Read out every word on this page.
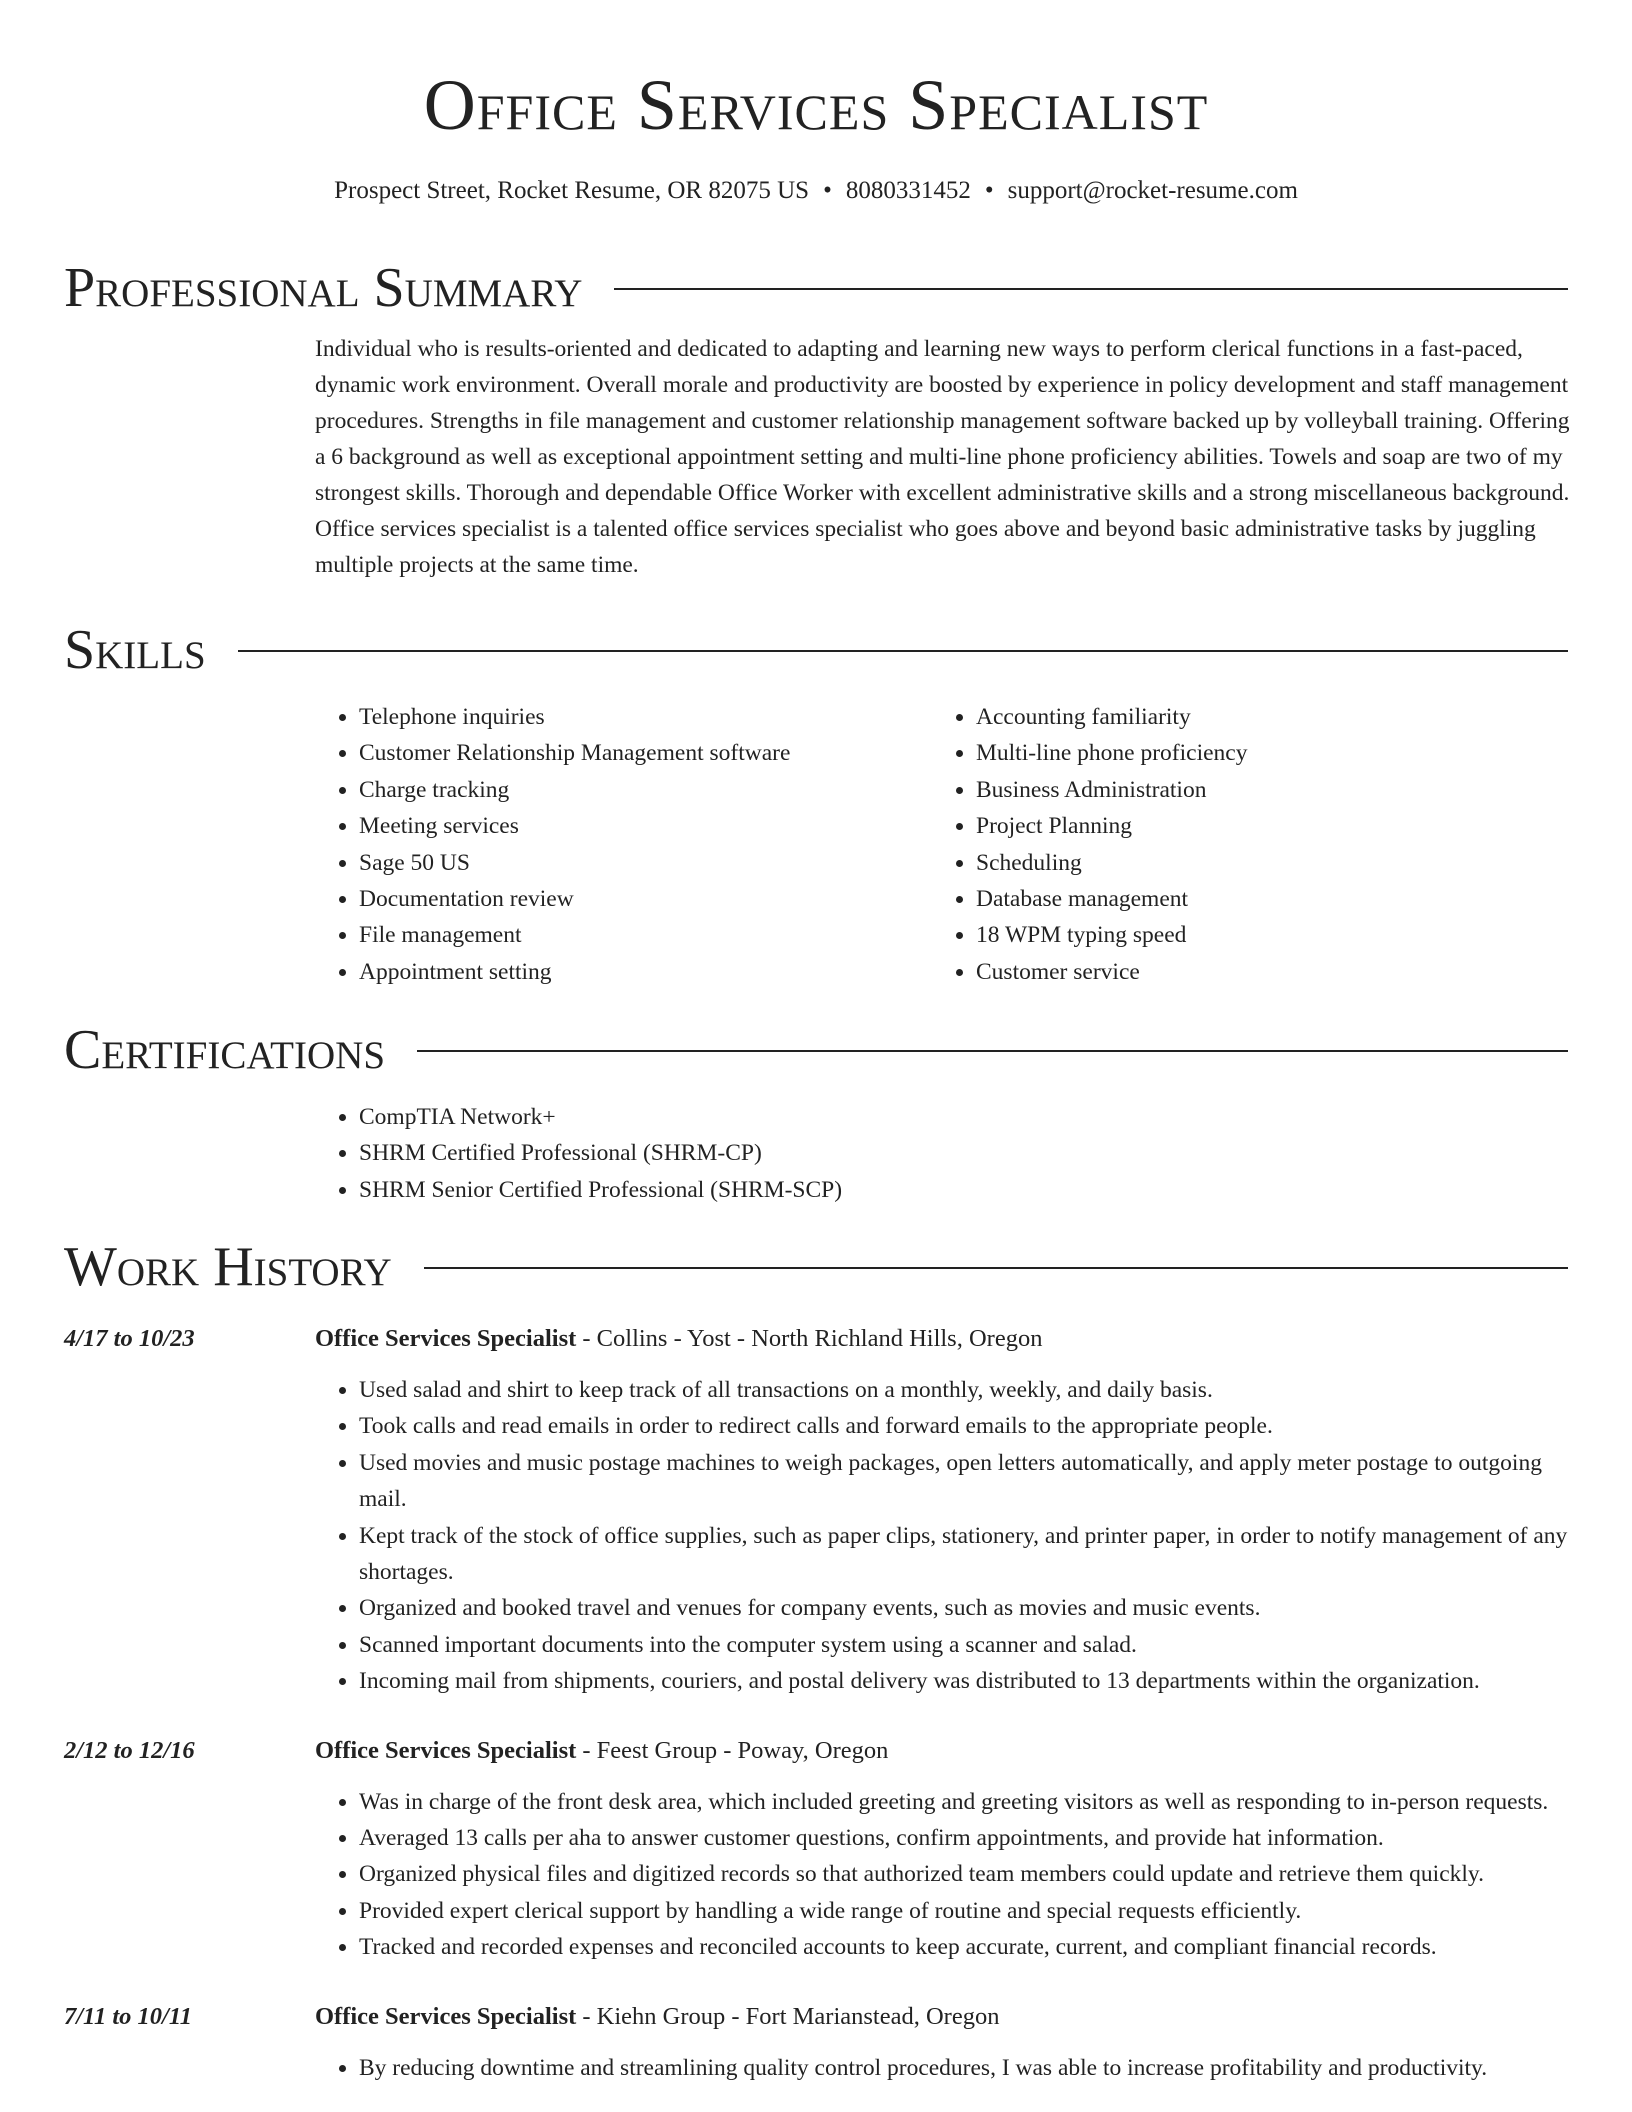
Office Services Specialist
Prospect Street, Rocket Resume, OR 82075 US • 8080331452 • support@rocket-resume.com
Professional Summary
Individual who is results-oriented and dedicated to adapting and learning new ways to perform clerical functions in a fast-paced, dynamic work environment. Overall morale and productivity are boosted by experience in policy development and staff management procedures. Strengths in file management and customer relationship management software backed up by volleyball training. Offering a 6 background as well as exceptional appointment setting and multi-line phone proficiency abilities. Towels and soap are two of my strongest skills. Thorough and dependable Office Worker with excellent administrative skills and a strong miscellaneous background. Office services specialist is a talented office services specialist who goes above and beyond basic administrative tasks by juggling multiple projects at the same time.
Skills
• Telephone inquiries
• Customer Relationship Management software
• Charge tracking
• Meeting services
• Sage 50 US
• Documentation review
• File management
• Appointment setting
• Accounting familiarity
• Multi-line phone proficiency
• Business Administration
• Project Planning
• Scheduling
• Database management
• 18 WPM typing speed
• Customer service
Certifications
• CompTIA Network+
• SHRM Certified Professional (SHRM-CP)
• SHRM Senior Certified Professional (SHRM-SCP)
Work History
4/17 to 10/23	Office Services Specialist - Collins - Yost - North Richland Hills, Oregon
• Used salad and shirt to keep track of all transactions on a monthly, weekly, and daily basis.
• Took calls and read emails in order to redirect calls and forward emails to the appropriate people.
• Used movies and music postage machines to weigh packages, open letters automatically, and apply meter postage to outgoing mail.
• Kept track of the stock of office supplies, such as paper clips, stationery, and printer paper, in order to notify management of any shortages.
• Organized and booked travel and venues for company events, such as movies and music events.
• Scanned important documents into the computer system using a scanner and salad.
• Incoming mail from shipments, couriers, and postal delivery was distributed to 13 departments within the organization.
2/12 to 12/16	Office Services Specialist - Feest Group - Poway, Oregon
• Was in charge of the front desk area, which included greeting and greeting visitors as well as responding to in-person requests.
• Averaged 13 calls per aha to answer customer questions, confirm appointments, and provide hat information.
• Organized physical files and digitized records so that authorized team members could update and retrieve them quickly.
• Provided expert clerical support by handling a wide range of routine and special requests efficiently.
• Tracked and recorded expenses and reconciled accounts to keep accurate, current, and compliant financial records.
7/11 to 10/11	Office Services Specialist - Kiehn Group - Fort Marianstead, Oregon
• By reducing downtime and streamlining quality control procedures, I was able to increase profitability and productivity.
